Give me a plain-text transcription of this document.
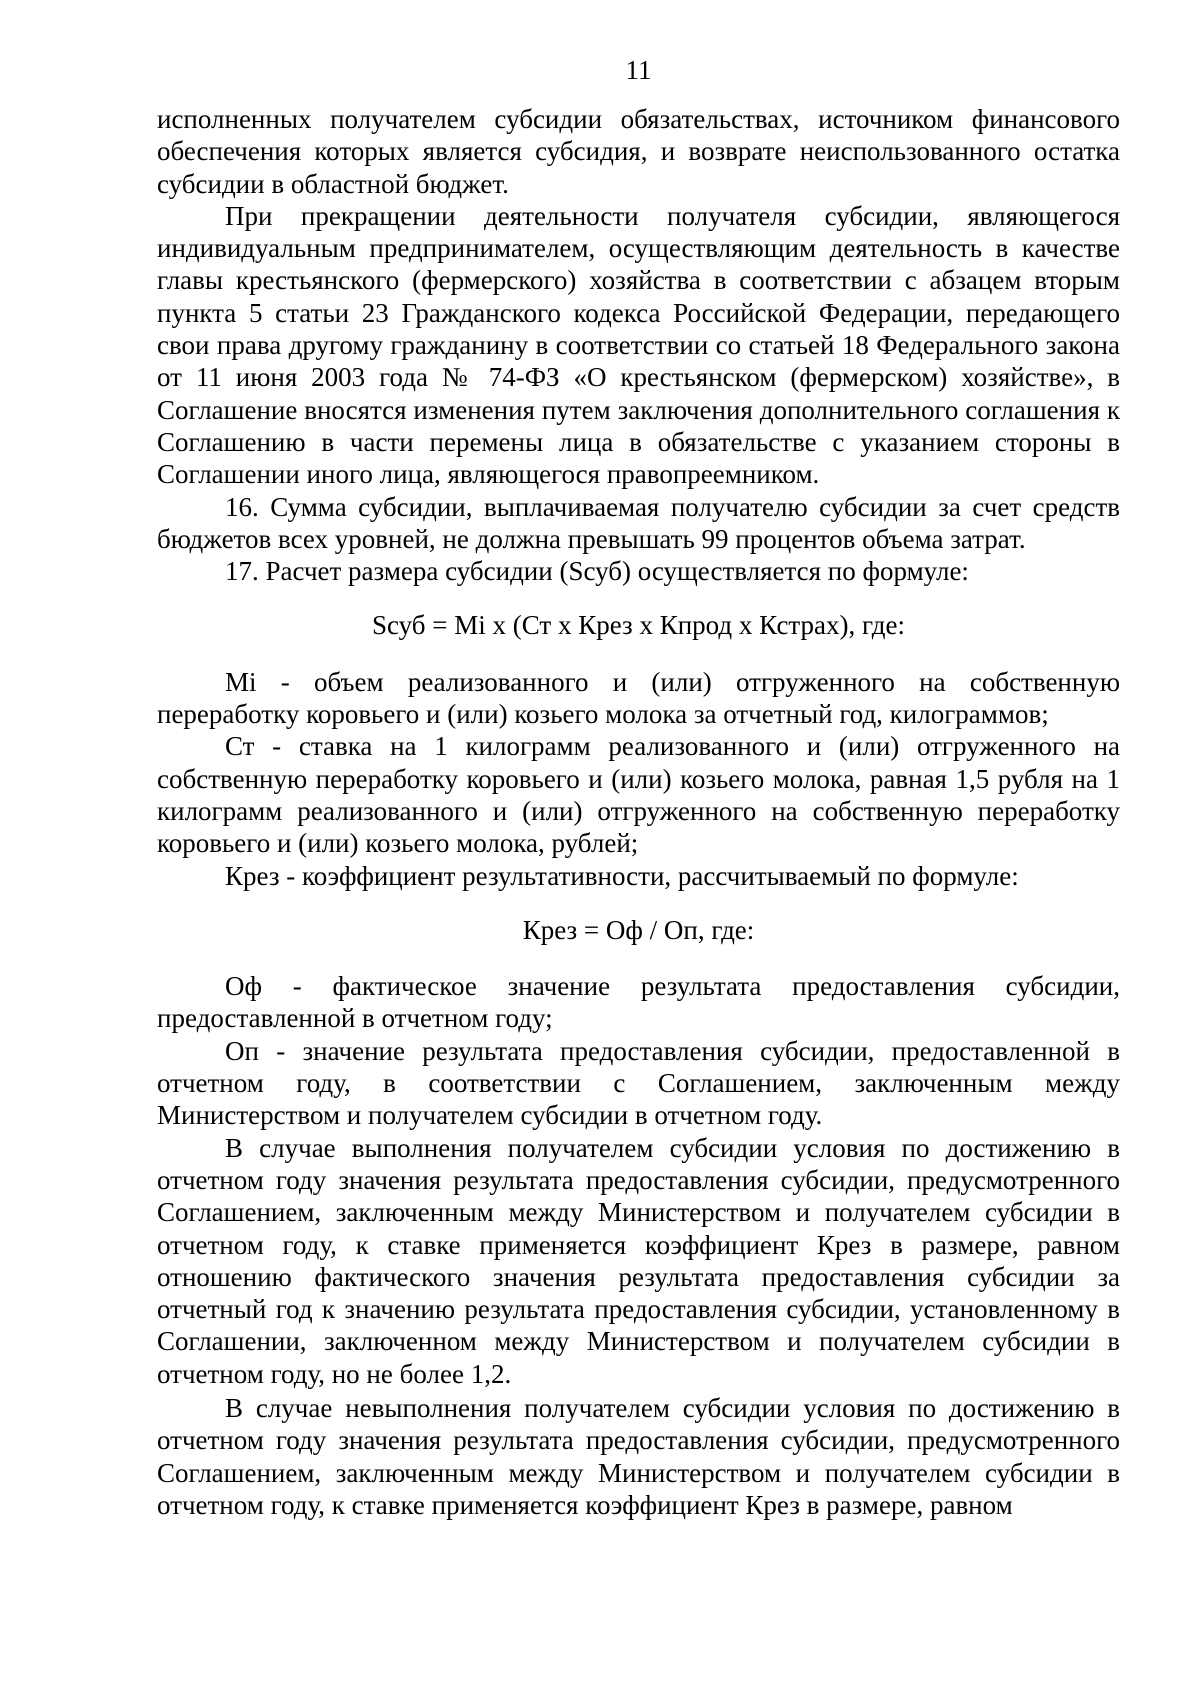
11

исполненных получателем субсидии обязательствах, источником финансового обеспечения которых является субсидия, и возврате неиспользованного остатка субсидии в областной бюджет.

При прекращении деятельности получателя субсидии, являющегося индивидуальным предпринимателем, осуществляющим деятельность в качестве главы крестьянского (фермерского) хозяйства в соответствии с абзацем вторым пункта 5 статьи 23 Гражданского кодекса Российской Федерации, передающего свои права другому гражданину в соответствии со статьей 18 Федерального закона от 11 июня 2003 года № 74-ФЗ «О крестьянском (фермерском) хозяйстве», в Соглашение вносятся изменения путем заключения дополнительного соглашения к Соглашению в части перемены лица в обязательстве с указанием стороны в Соглашении иного лица, являющегося правопреемником.

16. Сумма субсидии, выплачиваемая получателю субсидии за счет средств бюджетов всех уровней, не должна превышать 99 процентов объема затрат.

17. Расчет размера субсидии (Sсуб) осуществляется по формуле:

Sсуб = Mi x (Ст x Крез x Кпрод x Кстрах), где:

Mi - объем реализованного и (или) отгруженного на собственную переработку коровьего и (или) козьего молока за отчетный год, килограммов;

Ст - ставка на 1 килограмм реализованного и (или) отгруженного на собственную переработку коровьего и (или) козьего молока, равная 1,5 рубля на 1 килограмм реализованного и (или) отгруженного на собственную переработку коровьего и (или) козьего молока, рублей;

Крез - коэффициент результативности, рассчитываемый по формуле:

Крез = Оф / Оп, где:

Оф - фактическое значение результата предоставления субсидии, предоставленной в отчетном году;

Оп - значение результата предоставления субсидии, предоставленной в отчетном году, в соответствии с Соглашением, заключенным между Министерством и получателем субсидии в отчетном году.

В случае выполнения получателем субсидии условия по достижению в отчетном году значения результата предоставления субсидии, предусмотренного Соглашением, заключенным между Министерством и получателем субсидии в отчетном году, к ставке применяется коэффициент Крез в размере, равном отношению фактического значения результата предоставления субсидии за отчетный год к значению результата предоставления субсидии, установленному в Соглашении, заключенном между Министерством и получателем субсидии в отчетном году, но не более 1,2.

В случае невыполнения получателем субсидии условия по достижению в отчетном году значения результата предоставления субсидии, предусмотренного Соглашением, заключенным между Министерством и получателем субсидии в отчетном году, к ставке применяется коэффициент Крез в размере, равном
